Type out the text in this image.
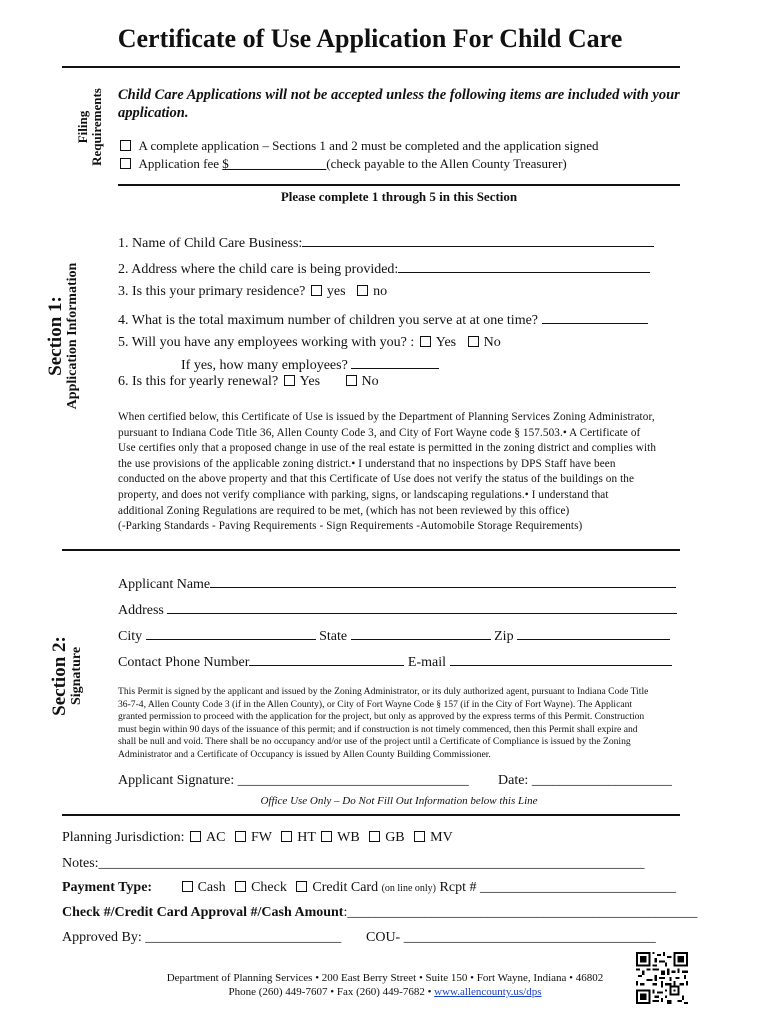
Certificate of Use Application For Child Care
Filing
Requirements Child Care Applications will not be accepted unless the following items are included with your application.
A complete application – Sections 1 and 2 must be completed and the application signed
Application fee $_______________(check payable to the Allen County Treasurer)
Section 1:
Application Information
Please complete 1 through 5 in this Section
1. Name of Child Care Business:
2. Address where the child care is being provided:
3. Is this your primary residence? yes no
4. What is the total maximum number of children you serve at at one time?
5. Will you have any employees working with you? : Yes No
If yes, how many employees?
6. Is this for yearly renewal? Yes	No
When certified below, this Certificate of Use is issued by the Department of Planning Services Zoning Administrator,
pursuant to Indiana Code Title 36, Allen County Code 3, and City of Fort Wayne code § 157.503.• A Certificate of
Use certifies only that a proposed change in use of the real estate is permitted in the zoning district and complies with
the use provisions of the applicable zoning district.• I understand that no inspections by DPS Staff have been
conducted on the above property and that this Certificate of Use does not verify the status of the buildings on the
property, and does not verify compliance with parking, signs, or landscaping regulations.• I understand that
additional Zoning Regulations are required to be met, (which has not been reviewed by this office)
(-Parking Standards - Paving Requirements - Sign Requirements -Automobile Storage Requirements)
Section 2:
Signature
Applicant Name
Address
City	State	Zip
Contact Phone Number	E-mail
This Permit is signed by the applicant and issued by the Zoning Administrator, or its duly authorized agent, pursuant to Indiana Code Title
36-7-4, Allen County Code 3 (if in the Allen County), or City of Fort Wayne Code § 157 (if in the City of Fort Wayne). The Applicant
granted permission to proceed with the application for the project, but only as approved by the express terms of this Permit. Construction
must begin within 90 days of the issuance of this permit; and if construction is not timely commenced, then this Permit shall expire and
shall be null and void. There shall be no occupancy and/or use of the project until a Certificate of Compliance is issued by the Zoning
Administrator and a Certificate of Occupancy is issued by Allen County Building Commissioner.
Applicant Signature: _________________________________ Date: ____________________
Office Use Only – Do Not Fill Out Information below this Line
Planning Jurisdiction: AC FW HT WB GB MV
Notes:______________________________________________________________________________
Payment Type:	Cash Check Credit Card (on line only) Rcpt # ____________________________
Check #/Credit Card Approval #/Cash Amount:__________________________________________________
Approved By: ____________________________ COU- ____________________________________
Department of Planning Services • 200 East Berry Street • Suite 150 • Fort Wayne, Indiana • 46802
Phone (260) 449-7607 • Fax (260) 449-7682 • www.allencounty.us/dps
